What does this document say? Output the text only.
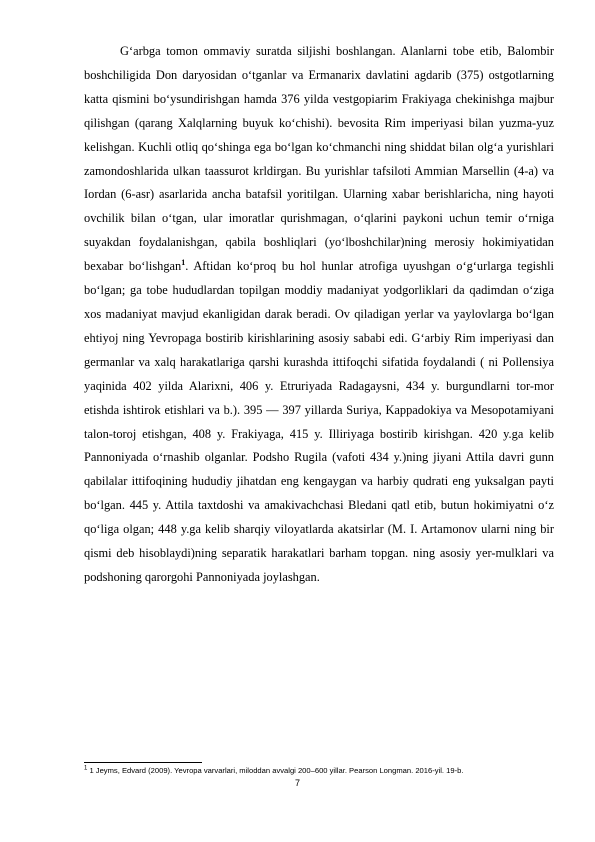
G‘arbga tomon ommaviy suratda siljishi boshlangan. Alanlarni tobe etib, Balombir boshchiligida Don daryosidan o‘tganlar va Ermanarix davlatini agdarib (375) ostgotlarning katta qismini bo‘ysundirishgan hamda 376 yilda vestgopiarim Frakiyaga chekinishga majbur qilishgan (qarang Xalqlarning buyuk ko‘chishi). bevosita Rim imperiyasi bilan yuzma-yuz kelishgan. Kuchli otliq qo‘shinga ega bo‘lgan ko‘chmanchi ning shiddat bilan olg‘a yurishlari zamondoshlarida ulkan taassurot krldirgan. Bu yurishlar tafsiloti Ammian Marsellin (4-a) va Iordan (6-asr) asarlarida ancha batafsil yoritilgan. Ularning xabar berishlaricha, ning hayoti ovchilik bilan o‘tgan, ular imoratlar qurishmagan, o‘qlarini paykoni uchun temir o‘rniga suyakdan foydalanishgan, qabila boshliqlari (yo‘lboshchilar)ning merosiy hokimiyatidan bexabar bo‘lishgan$^1$. Aftidan ko‘proq bu hol hunlar atrofiga uyushgan o‘g‘urlarga tegishli bo‘lgan; ga tobe hududlardan topilgan moddiy madaniyat yodgorliklari da qadimdan o‘ziga xos madaniyat mavjud ekanligidan darak beradi. Ov qiladigan yerlar va yaylovlarga bo‘lgan ehtiyoj ning Yevropaga bostirib kirishlarining asosiy sababi edi. G‘arbiy Rim imperiyasi dan germanlar va xalq harakatlariga qarshi kurashda ittifoqchi sifatida foydalandi ( ni Pollensiya yaqinida 402 yilda Alarixni, 406 y. Etruriyada Radagaysni, 434 y. burgundlarni tor-mor etishda ishtirok etishlari va b.). 395 — 397 yillarda Suriya, Kappadokiya va Mesopotamiyani talon-toroj etishgan, 408 y. Frakiyaga, 415 y. Illiriyaga bostirib kirishgan. 420 y.ga kelib Pannoniyada o‘rnashib olganlar. Podsho Rugila (vafoti 434 y.)ning jiyani Attila davri gunn qabilalar ittifoqining hududiy jihatdan eng kengaygan va harbiy qudrati eng yuksalgan payti bo‘lgan. 445 y. Attila taxtdoshi va amakivachchasi Bledani qatl etib, butun hokimiyatni o‘z qo‘liga olgan; 448 y.ga kelib sharqiy viloyatlarda akatsirlar (M. I. Artamonov ularni ning bir qismi deb hisoblaydi)ning separatik harakatlari barham topgan. ning asosiy yer-mulklari va podshoning qarorgohi Pannoniyada joylashgan.

$^1$ 1 Jeyms, Edvard (2009). Yevropa varvarlari, miloddan avvalgi 200–600 yillar. Pearson Longman. 2016-yil. 19-b.
7
